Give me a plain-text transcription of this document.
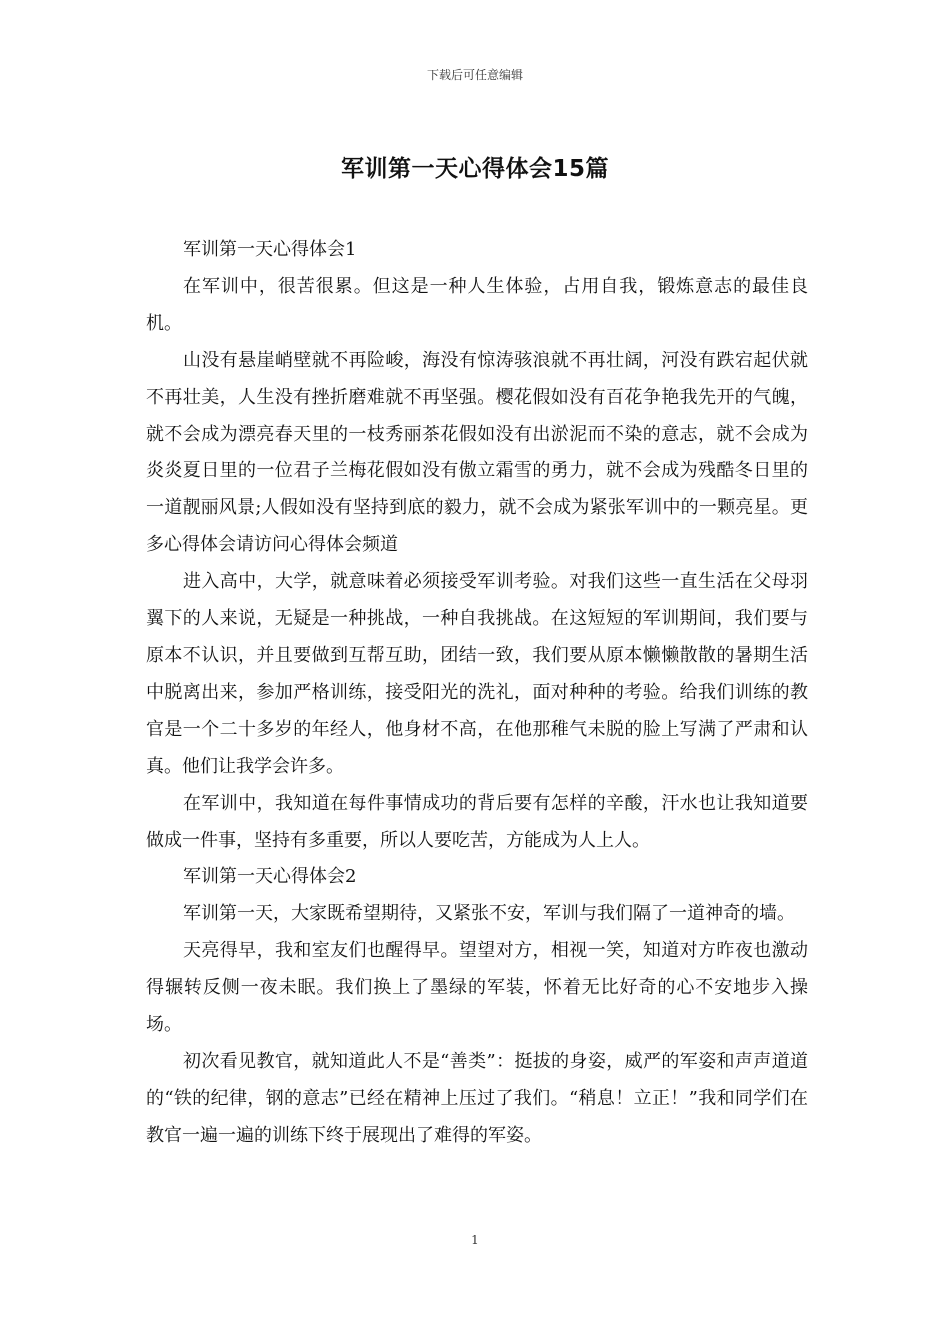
下载后可任意编辑
军训第一天心得体会15篇

军训第一天心得体会1

在军训中，很苦很累。但这是一种人生体验，占用自我，锻炼意志的最佳良机。

山没有悬崖峭壁就不再险峻，海没有惊涛骇浪就不再壮阔，河没有跌宕起伏就不再壮美，人生没有挫折磨难就不再坚强。樱花假如没有百花争艳我先开的气魄，就不会成为漂亮春天里的一枝秀丽茶花假如没有出淤泥而不染的意志，就不会成为炎炎夏日里的一位君子兰梅花假如没有傲立霜雪的勇力，就不会成为残酷冬日里的一道靓丽风景;人假如没有坚持到底的毅力，就不会成为紧张军训中的一颗亮星。更多心得体会请访问心得体会频道

进入高中，大学，就意味着必须接受军训考验。对我们这些一直生活在父母羽翼下的人来说，无疑是一种挑战，一种自我挑战。在这短短的军训期间，我们要与原本不认识，并且要做到互帮互助，团结一致，我们要从原本懒懒散散的暑期生活中脱离出来，参加严格训练，接受阳光的洗礼，面对种种的考验。给我们训练的教官是一个二十多岁的年经人，他身材不高，在他那稚气未脱的脸上写满了严肃和认真。他们让我学会许多。

在军训中，我知道在每件事情成功的背后要有怎样的辛酸，汗水也让我知道要做成一件事，坚持有多重要，所以人要吃苦，方能成为人上人。

军训第一天心得体会2

军训第一天，大家既希望期待，又紧张不安，军训与我们隔了一道神奇的墙。

天亮得早，我和室友们也醒得早。望望对方，相视一笑，知道对方昨夜也激动得辗转反侧一夜未眠。我们换上了墨绿的军装，怀着无比好奇的心不安地步入操场。

初次看见教官，就知道此人不是“善类”：挺拔的身姿，威严的军姿和声声道道的“铁的纪律，钢的意志”已经在精神上压过了我们。“稍息！立正！”我和同学们在教官一遍一遍的训练下终于展现出了难得的军姿。

1
